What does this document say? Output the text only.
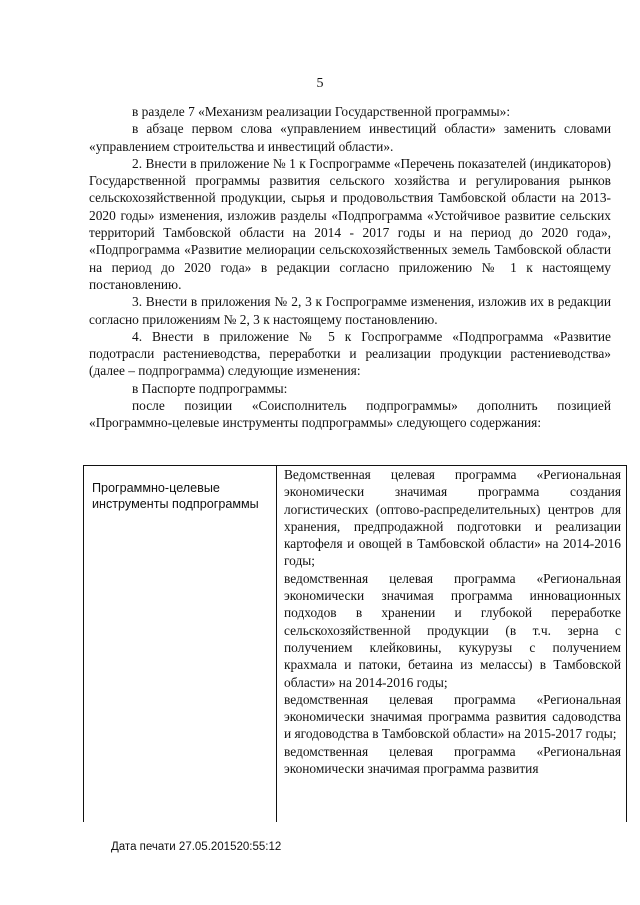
5

в разделе 7 «Механизм реализации Государственной программы»:

в абзаце первом слова «управлением инвестиций области» заменить словами «управлением строительства и инвестиций области».

2. Внести в приложение № 1 к Госпрограмме «Перечень показателей (индикаторов) Государственной программы развития сельского хозяйства и регулирования рынков сельскохозяйственной продукции, сырья и продовольствия Тамбовской области на 2013-2020 годы» изменения, изложив разделы «Подпрограмма «Устойчивое развитие сельских территорий Тамбовской области на 2014 - 2017 годы и на период до 2020 года», «Подпрограмма «Развитие мелиорации сельскохозяйственных земель Тамбовской области на период до 2020 года» в редакции согласно приложению № 1 к настоящему постановлению.

3. Внести в приложения № 2, 3 к Госпрограмме изменения, изложив их в редакции согласно приложениям № 2, 3 к настоящему постановлению.

4. Внести в приложение № 5 к Госпрограмме «Подпрограмма «Развитие подотрасли растениеводства, переработки и реализации продукции растениеводства» (далее – подпрограмма) следующие изменения:

в Паспорте подпрограммы:

после позиции «Соисполнитель подпрограммы» дополнить позицией «Программно-целевые инструменты подпрограммы» следующего содержания:

Программно-целевые инструменты подпрограммы

Ведомственная целевая программа «Региональная экономически значимая программа создания логистических (оптово-распределительных) центров для хранения, предпродажной подготовки и реализации картофеля и овощей в Тамбовской области» на 2014-2016 годы;

ведомственная целевая программа «Региональная экономически значимая программа инновационных подходов в хранении и глубокой переработке сельскохозяйственной продукции (в т.ч. зерна с получением клейковины, кукурузы с получением крахмала и патоки, бетаина из мелассы) в Тамбовской области» на 2014-2016 годы;

ведомственная целевая программа «Региональная экономически значимая программа развития садоводства и ягодоводства в Тамбовской области» на 2015-2017 годы;

ведомственная целевая программа «Региональная экономически значимая программа развития

Дата печати 27.05.201520:55:12
